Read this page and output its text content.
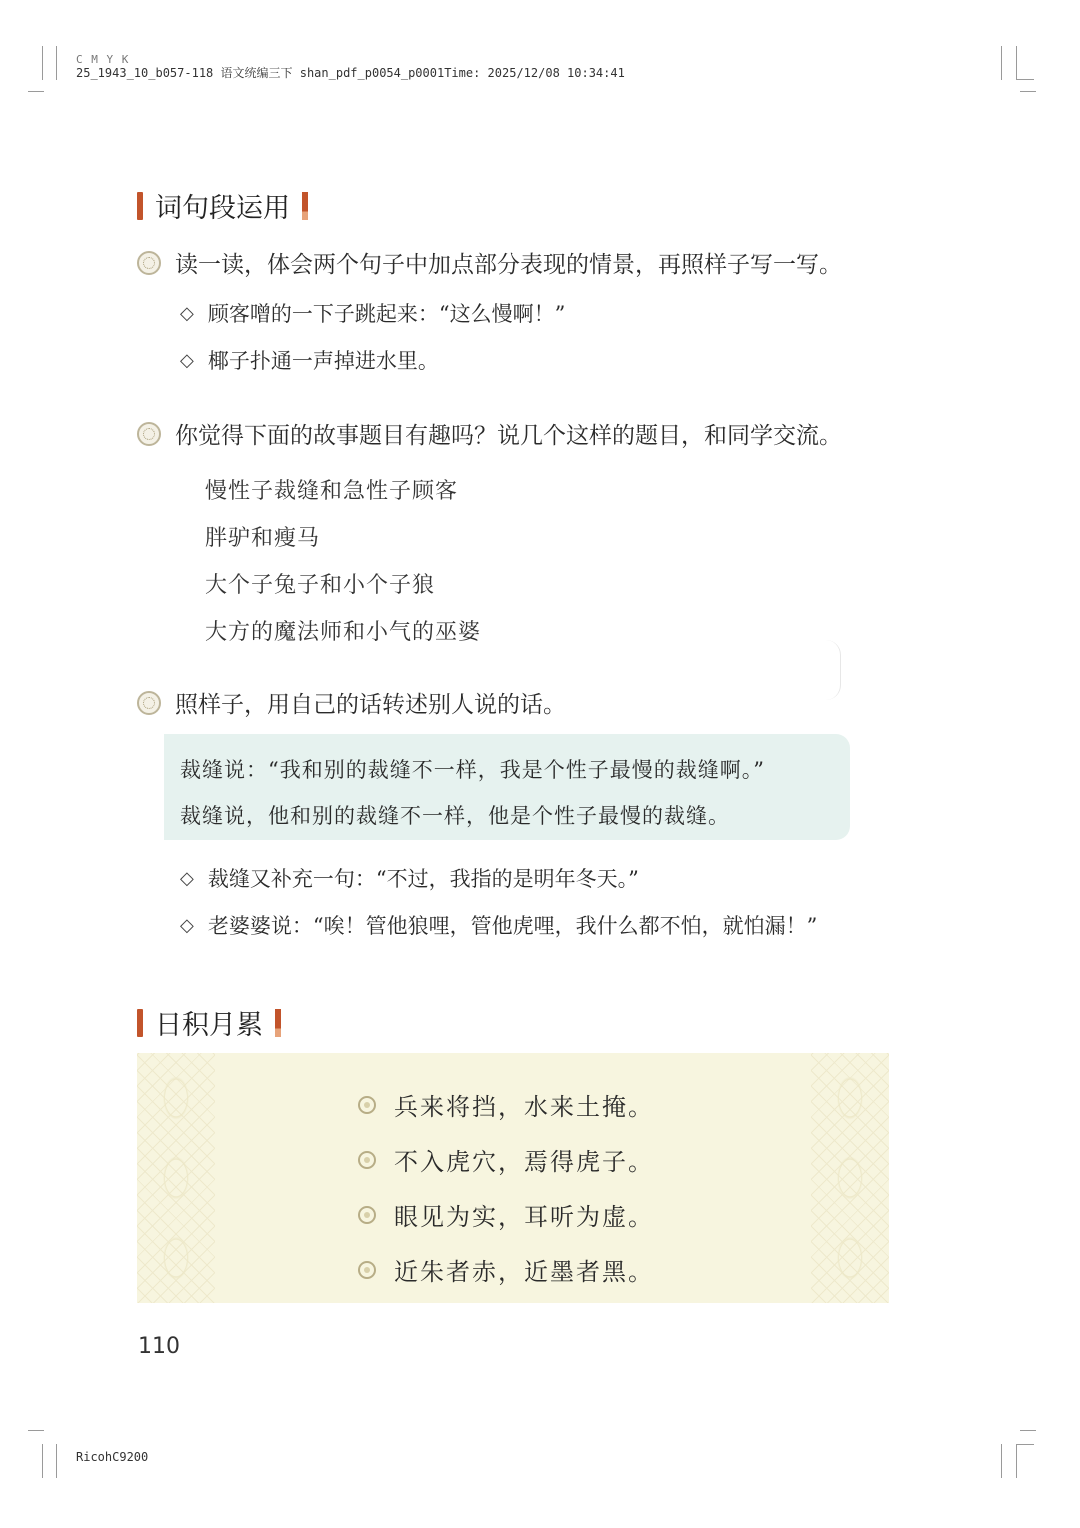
C M Y K
25_1943_10_b057-118 语文统编三下 shan_pdf_p0054_p0001Time: 2025/12/08 10:34:41
词句段运用
读一读，体会两个句子中加点部分表现的情景，再照样子写一写。
◇ 顾客噌的一下子跳起来：“这么慢啊！”
◇ 椰子扑通一声掉进水里。
你觉得下面的故事题目有趣吗？说几个这样的题目，和同学交流。
慢性子裁缝和急性子顾客
胖驴和瘦马
大个子兔子和小个子狼
大方的魔法师和小气的巫婆
照样子，用自己的话转述别人说的话。
裁缝说：“我和别的裁缝不一样，我是个性子最慢的裁缝啊。”
裁缝说，他和别的裁缝不一样，他是个性子最慢的裁缝。
◇ 裁缝又补充一句：“不过，我指的是明年冬天。”
◇ 老婆婆说：“唉！管他狼哩，管他虎哩，我什么都不怕，就怕漏！”
日积月累
兵来将挡，水来土掩。
不入虎穴，焉得虎子。
眼见为实，耳听为虚。
近朱者赤，近墨者黑。
110
RicohC9200
